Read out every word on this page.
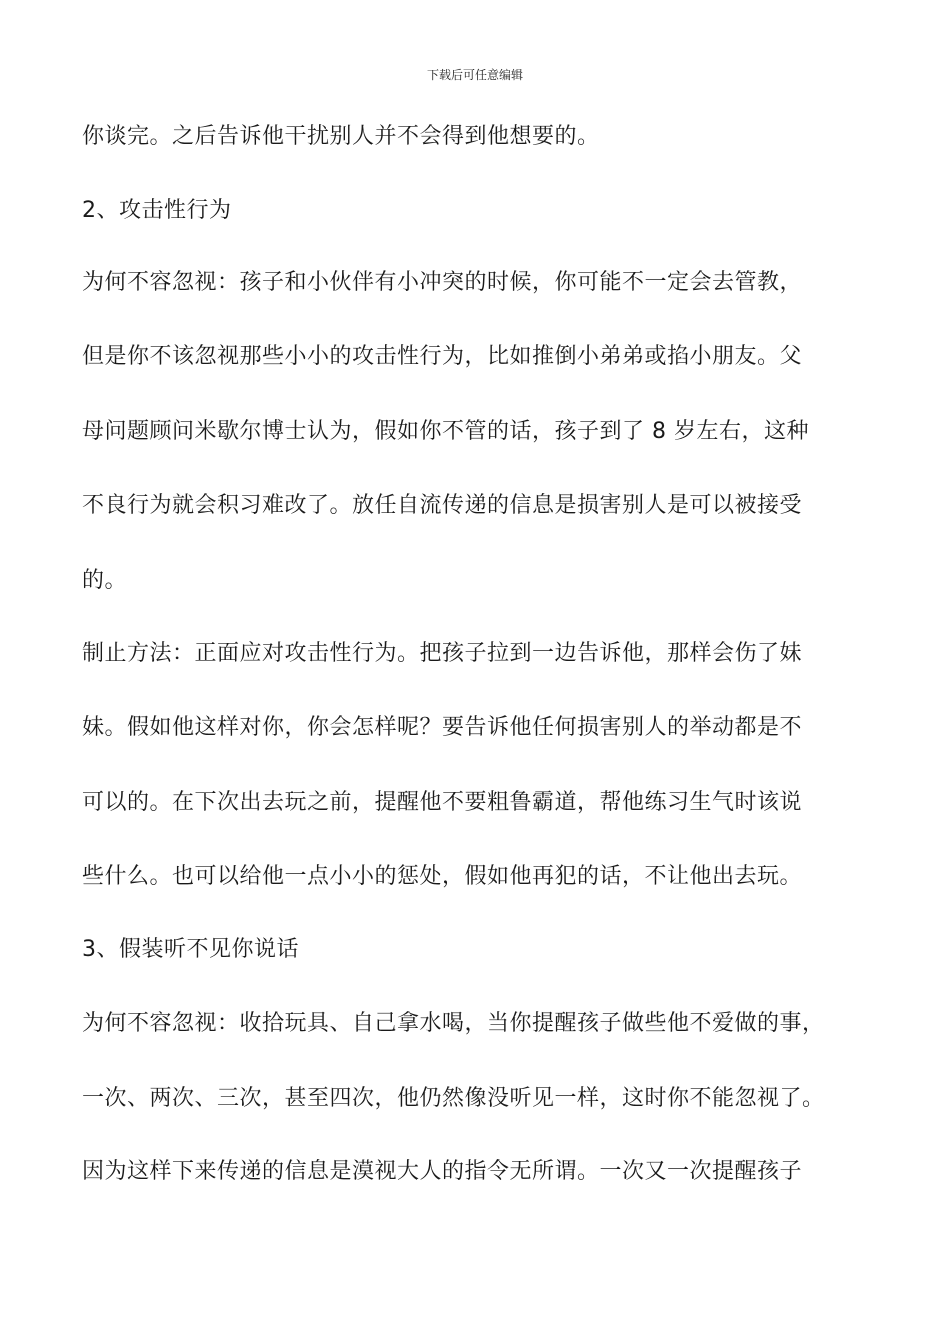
下载后可任意编辑
你谈完。之后告诉他干扰别人并不会得到他想要的。
2、攻击性行为
为何不容忽视：孩子和小伙伴有小冲突的时候，你可能不一定会去管教，
但是你不该忽视那些小小的攻击性行为，比如推倒小弟弟或掐小朋友。父
母问题顾问米歇尔博士认为，假如你不管的话，孩子到了 8 岁左右，这种
不良行为就会积习难改了。放任自流传递的信息是损害别人是可以被接受
的。
制止方法：正面应对攻击性行为。把孩子拉到一边告诉他，那样会伤了妹
妹。假如他这样对你，你会怎样呢？要告诉他任何损害别人的举动都是不
可以的。在下次出去玩之前，提醒他不要粗鲁霸道，帮他练习生气时该说
些什么。也可以给他一点小小的惩处，假如他再犯的话，不让他出去玩。
3、假装听不见你说话
为何不容忽视：收拾玩具、自己拿水喝，当你提醒孩子做些他不爱做的事，
一次、两次、三次，甚至四次，他仍然像没听见一样，这时你不能忽视了。
因为这样下来传递的信息是漠视大人的指令无所谓。一次又一次提醒孩子
